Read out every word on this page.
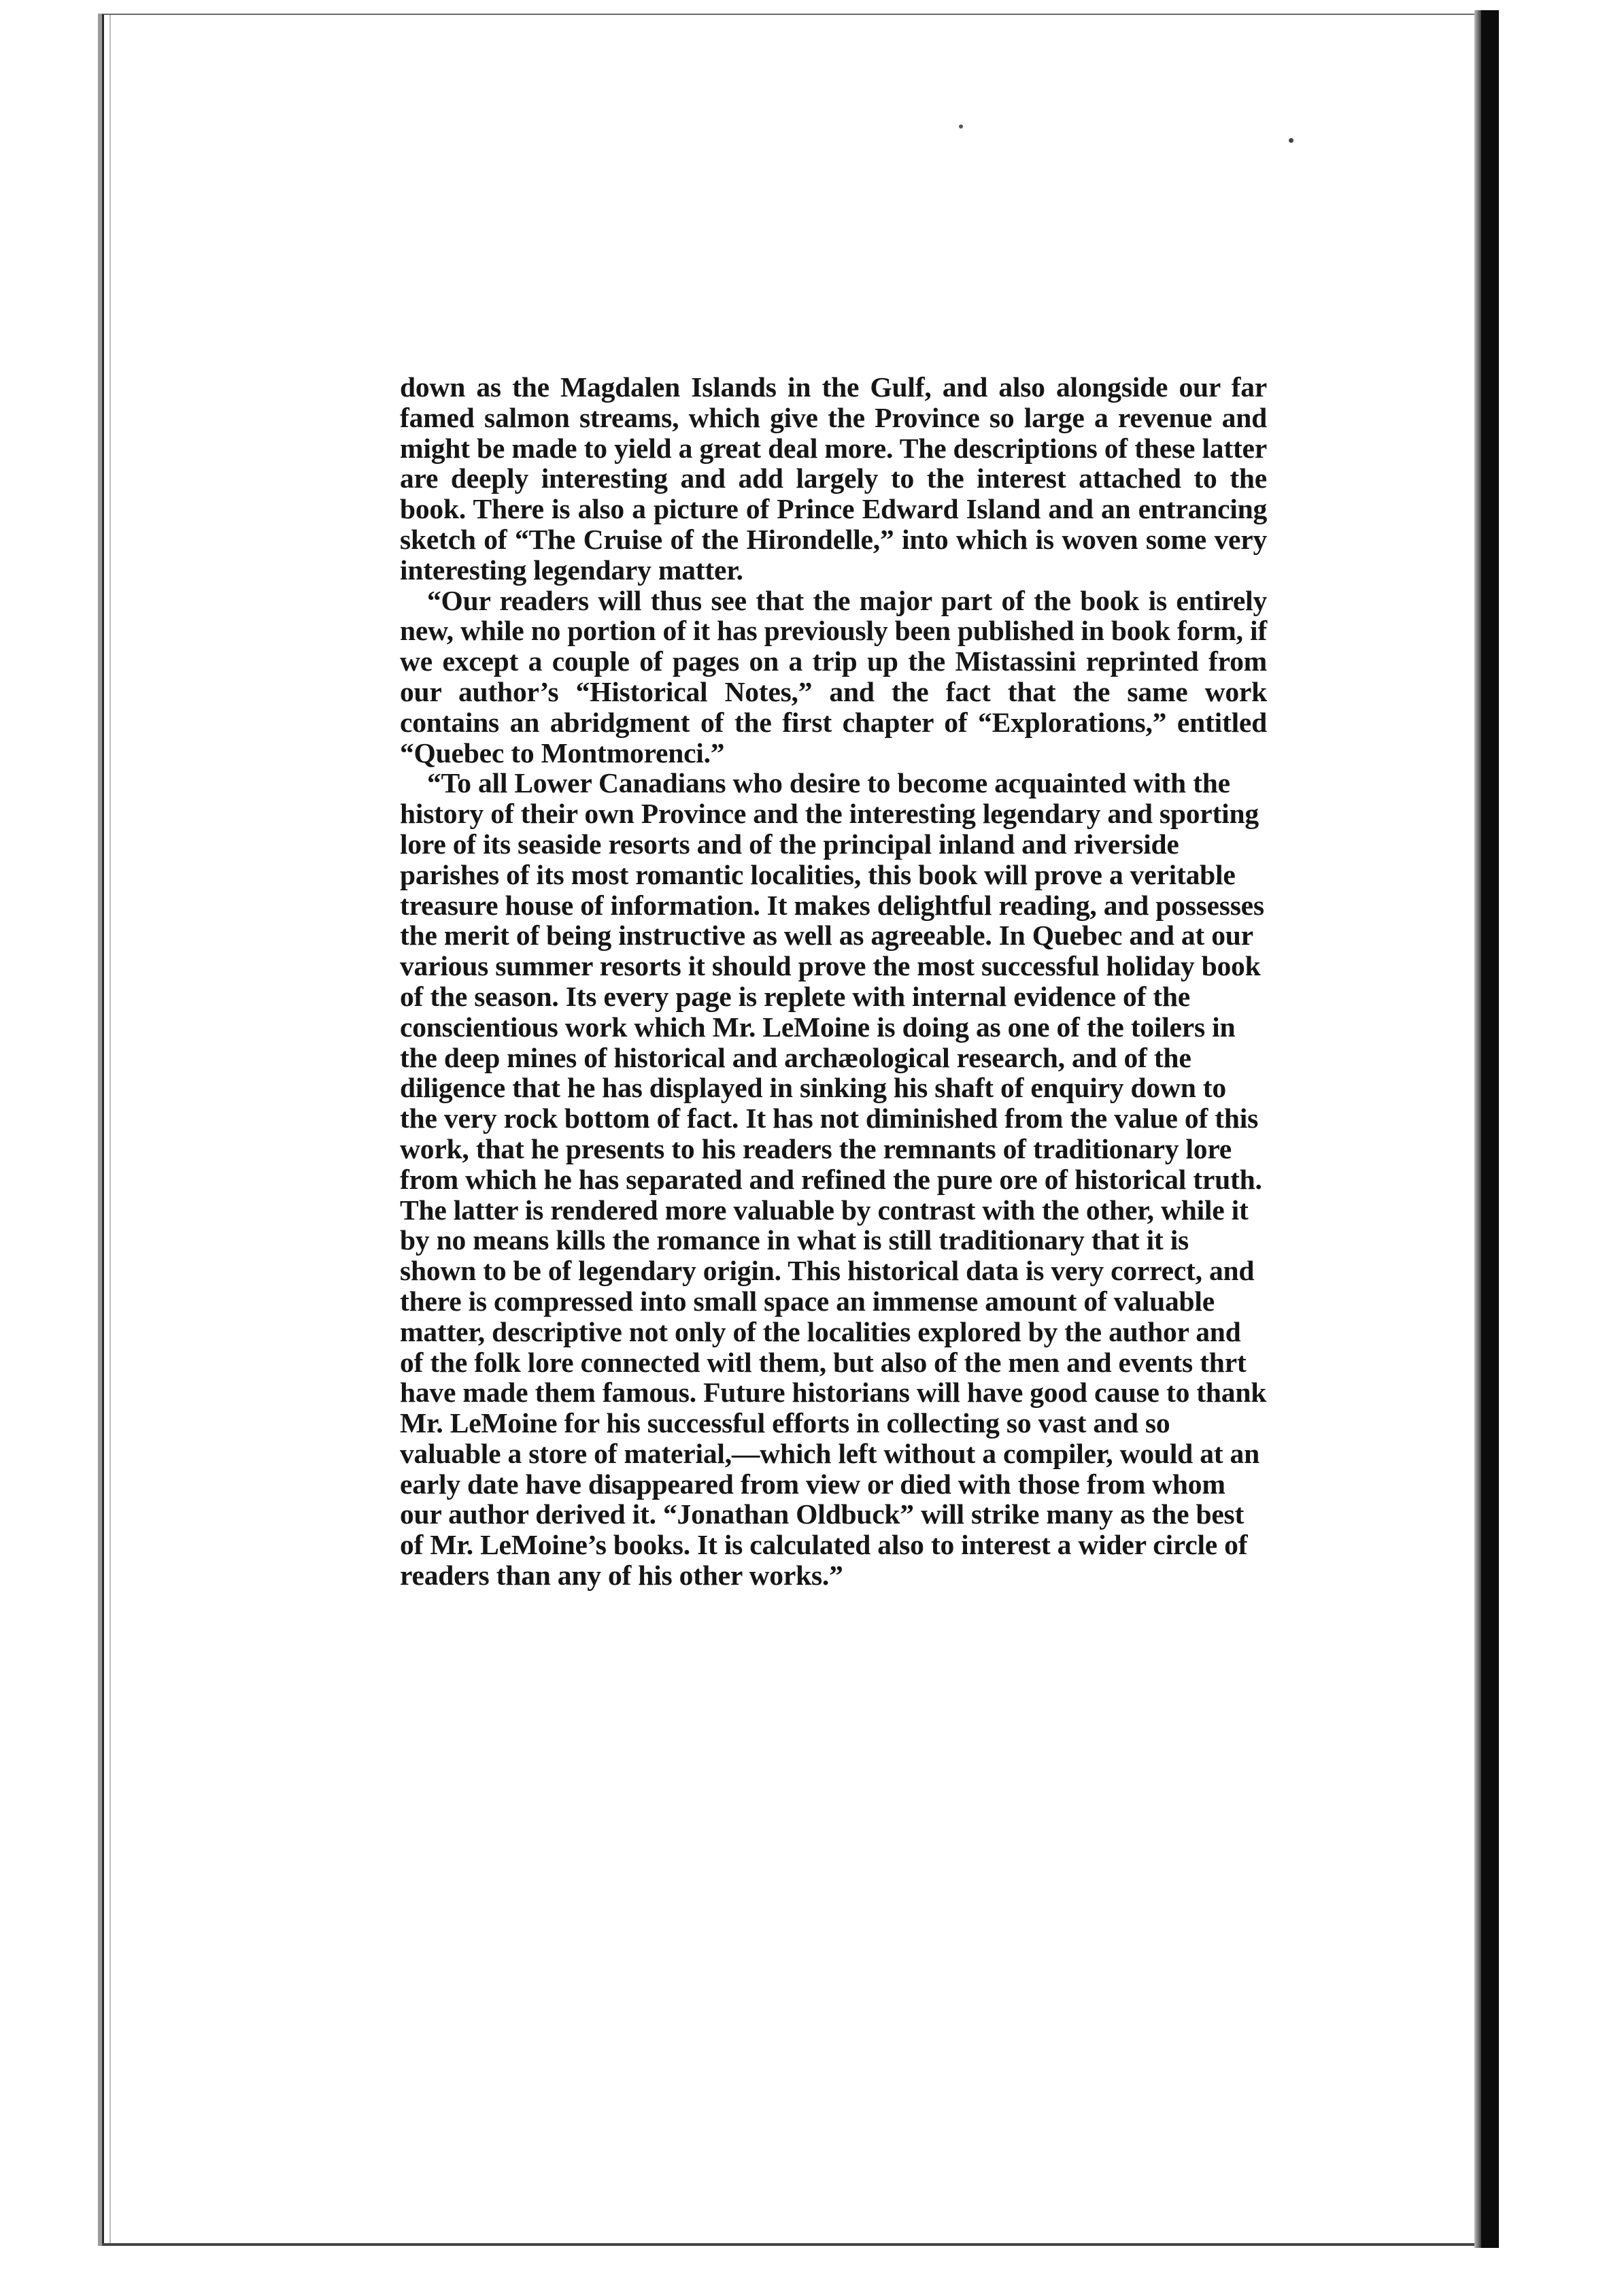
down as the Magdalen Islands in the Gulf, and also alongside our far famed salmon streams, which give the Province so large a revenue and might be made to yield a great deal more. The descriptions of these latter are deeply interesting and add largely to the interest attached to the book. There is also a picture of Prince Edward Island and an entrancing sketch of “The Cruise of the Hirondelle,” into which is woven some very interesting legendary matter.

“Our readers will thus see that the major part of the book is entirely new, while no portion of it has previously been published in book form, if we except a couple of pages on a trip up the Mistassini reprinted from our author’s “Historical Notes,” and the fact that the same work contains an abridgment of the first chapter of “Explorations,” entitled “Quebec to Montmorenci.”

“To all Lower Canadians who desire to become acquainted with the history of their own Province and the interesting legendary and sporting lore of its seaside resorts and of the principal inland and riverside parishes of its most romantic localities, this book will prove a veritable treasure house of information. It makes delightful reading, and possesses the merit of being instructive as well as agreeable. In Quebec and at our various summer resorts it should prove the most successful holiday book of the season. Its every page is replete with internal evidence of the conscientious work which Mr. LeMoine is doing as one of the toilers in the deep mines of historical and archæological research, and of the diligence that he has displayed in sinking his shaft of enquiry down to the very rock bottom of fact. It has not diminished from the value of this work, that he presents to his readers the remnants of traditionary lore from which he has separated and refined the pure ore of historical truth. The latter is rendered more valuable by contrast with the other, while it by no means kills the romance in what is still traditionary that it is shown to be of legendary origin. This historical data is very correct, and there is compressed into small space an immense amount of valuable matter, descriptive not only of the localities explored by the author and of the folk lore connected witl them, but also of the men and events thrt have made them famous. Future historians will have good cause to thank Mr. LeMoine for his successful efforts in collecting so vast and so valuable a store of material,—which left without a compiler, would at an early date have disappeared from view or died with those from whom our author derived it. “Jonathan Oldbuck” will strike many as the best of Mr. LeMoine’s books. It is calculated also to interest a wider circle of readers than any of his other works.”
